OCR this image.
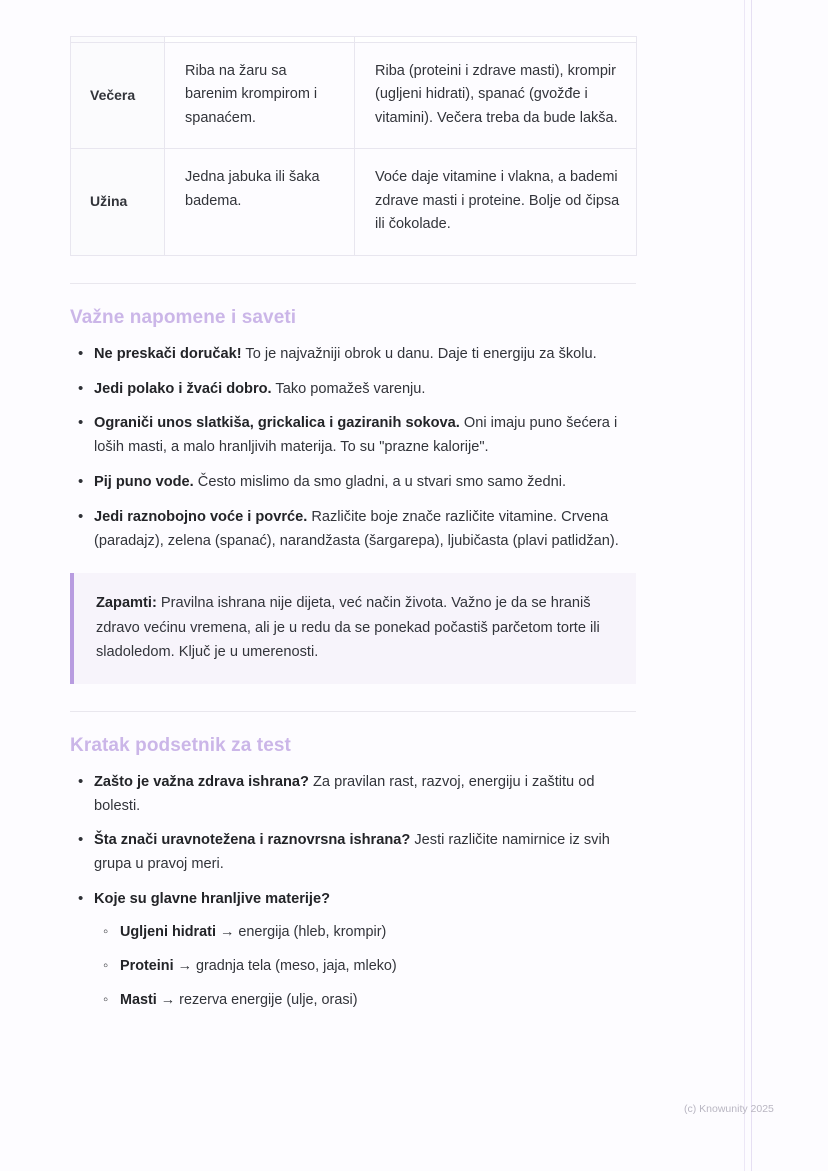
Večera	Riba na žaru sa barenim krompirom i spanaćem.	Riba (proteini i zdrave masti), krompir (ugljeni hidrati), spanać (gvožđe i vitamini). Večera treba da bude lakša.
Užina	Jedna jabuka ili šaka badema.	Voće daje vitamine i vlakna, a bademi zdrave masti i proteine. Bolje od čipsa ili čokolade.
Važne napomene i saveti
• Ne preskači doručak! To je najvažniji obrok u danu. Daje ti energiju za školu.
• Jedi polako i žvaći dobro. Tako pomažeš varenju.
• Ograniči unos slatkiša, grickalica i gaziranih sokova. Oni imaju puno šećera i loših masti, a malo hranljivih materija. To su "prazne kalorije".
• Pij puno vode. Često mislimo da smo gladni, a u stvari smo samo žedni.
• Jedi raznobojno voće i povrće. Različite boje znače različite vitamine. Crvena (paradajz), zelena (spanać), narandžasta (šargarepa), ljubičasta (plavi patlidžan).
Zapamti: Pravilna ishrana nije dijeta, već način života. Važno je da se hraniš zdravo većinu vremena, ali je u redu da se ponekad počastiš parčetom torte ili sladoledom. Ključ je u umerenosti.
Kratak podsetnik za test
• Zašto je važna zdrava ishrana? Za pravilan rast, razvoj, energiju i zaštitu od bolesti.
• Šta znači uravnotežena i raznovrsna ishrana? Jesti različite namirnice iz svih grupa u pravoj meri.
• Koje su glavne hranljive materije?
◦ Ugljeni hidrati → energija (hleb, krompir)
◦ Proteini → gradnja tela (meso, jaja, mleko)
◦ Masti → rezerva energije (ulje, orasi)
(c) Knowunity 2025
